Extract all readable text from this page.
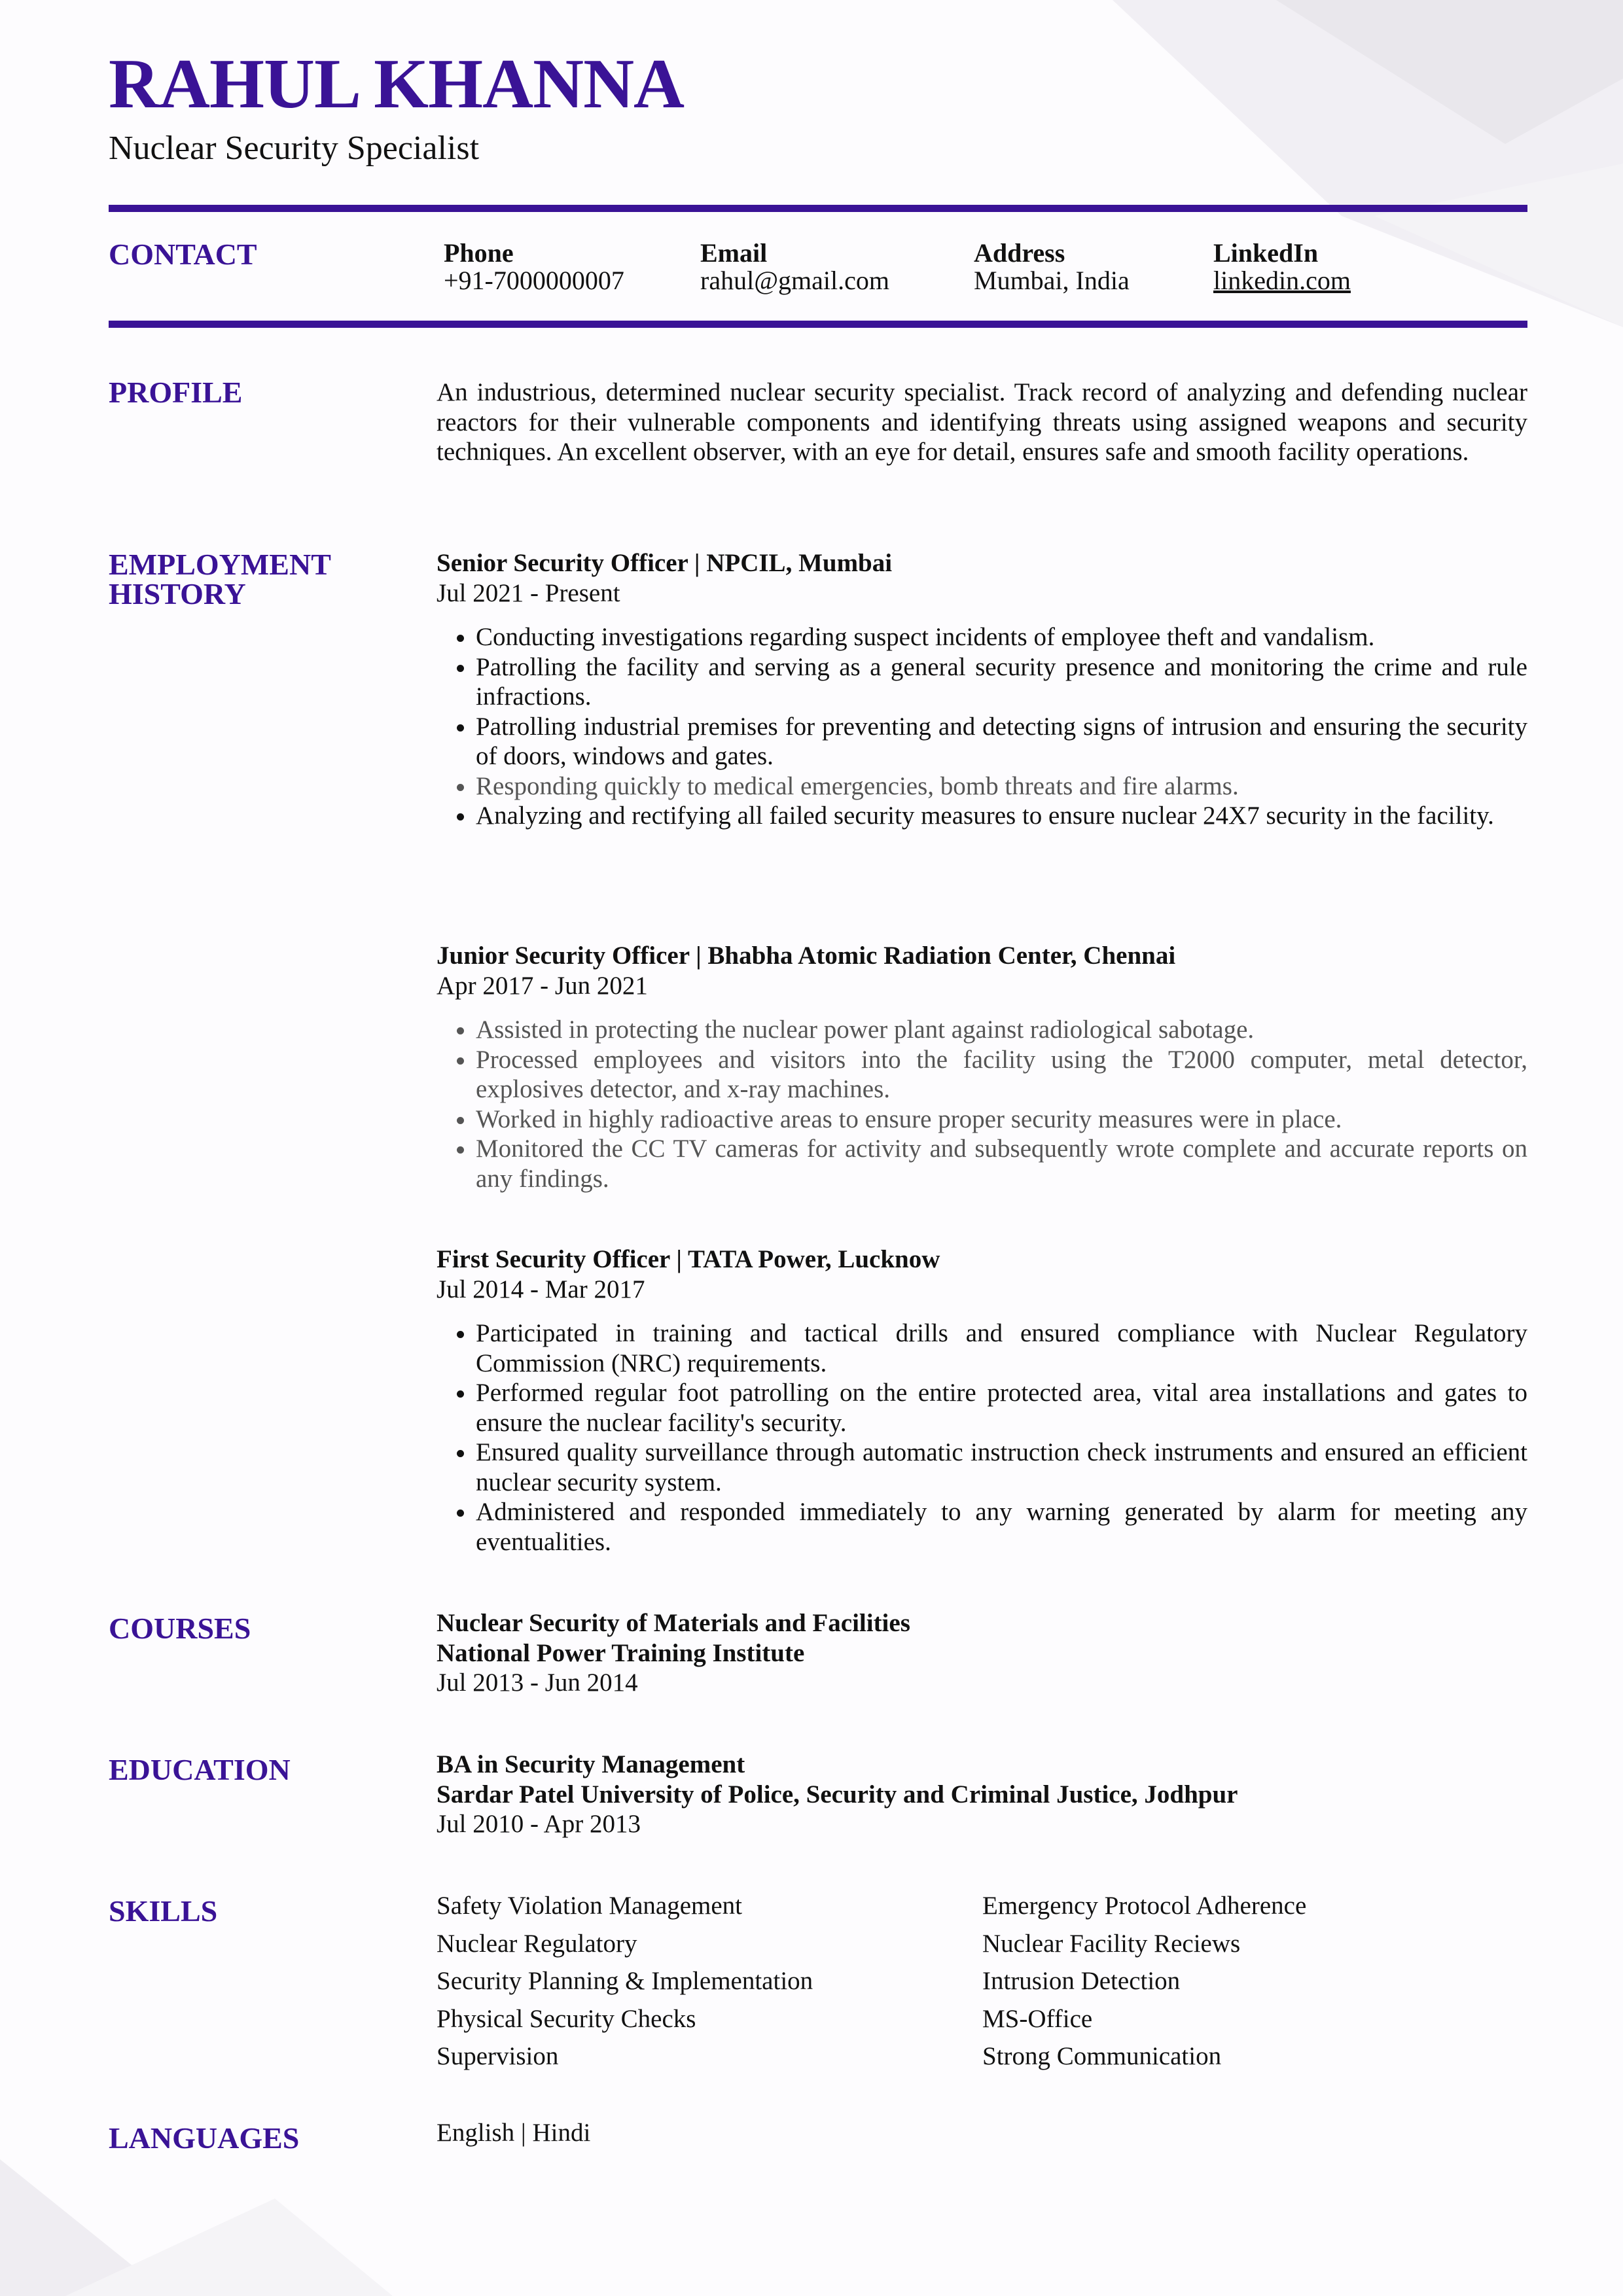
RAHUL KHANNA
Nuclear Security Specialist
CONTACT	Phone
+91-7000000007
Email
rahul@gmail.com
Address
Mumbai, India
LinkedIn
linkedin.com
PROFILE	An industrious, determined nuclear security specialist. Track record of analyzing and defending nuclear reactors for their vulnerable components and identifying threats using assigned weapons and security techniques. An excellent observer, with an eye for detail, ensures safe and smooth facility operations.
EMPLOYMENT HISTORY
Senior Security Officer | NPCIL, Mumbai
Jul 2021 - Present
• Conducting investigations regarding suspect incidents of employee theft and vandalism.
• Patrolling the facility and serving as a general security presence and monitoring the crime and rule infractions.
• Patrolling industrial premises for preventing and detecting signs of intrusion and ensuring the security of doors, windows and gates.
• Responding quickly to medical emergencies, bomb threats and fire alarms.
• Analyzing and rectifying all failed security measures to ensure nuclear 24X7 security in the facility.
Junior Security Officer | Bhabha Atomic Radiation Center, Chennai
Apr 2017 - Jun 2021
• Assisted in protecting the nuclear power plant against radiological sabotage.
• Processed employees and visitors into the facility using the T2000 computer, metal detector, explosives detector, and x-ray machines.
• Worked in highly radioactive areas to ensure proper security measures were in place.
• Monitored the CC TV cameras for activity and subsequently wrote complete and accurate reports on any findings.
First Security Officer | TATA Power, Lucknow
Jul 2014 - Mar 2017
• Participated in training and tactical drills and ensured compliance with Nuclear Regulatory Commission (NRC) requirements.
• Performed regular foot patrolling on the entire protected area, vital area installations and gates to ensure the nuclear facility's security.
• Ensured quality surveillance through automatic instruction check instruments and ensured an efficient nuclear security system.
• Administered and responded immediately to any warning generated by alarm for meeting any eventualities.
COURSES	Nuclear Security of Materials and Facilities
National Power Training Institute
Jul 2013 - Jun 2014
EDUCATION	BA in Security Management
Sardar Patel University of Police, Security and Criminal Justice, Jodhpur
Jul 2010 - Apr 2013
SKILLS	Safety Violation Management	Emergency Protocol Adherence
Nuclear Regulatory	Nuclear Facility Reciews
Security Planning & Implementation	Intrusion Detection
Physical Security Checks	MS-Office
Supervision	Strong Communication
LANGUAGES	English | Hindi
